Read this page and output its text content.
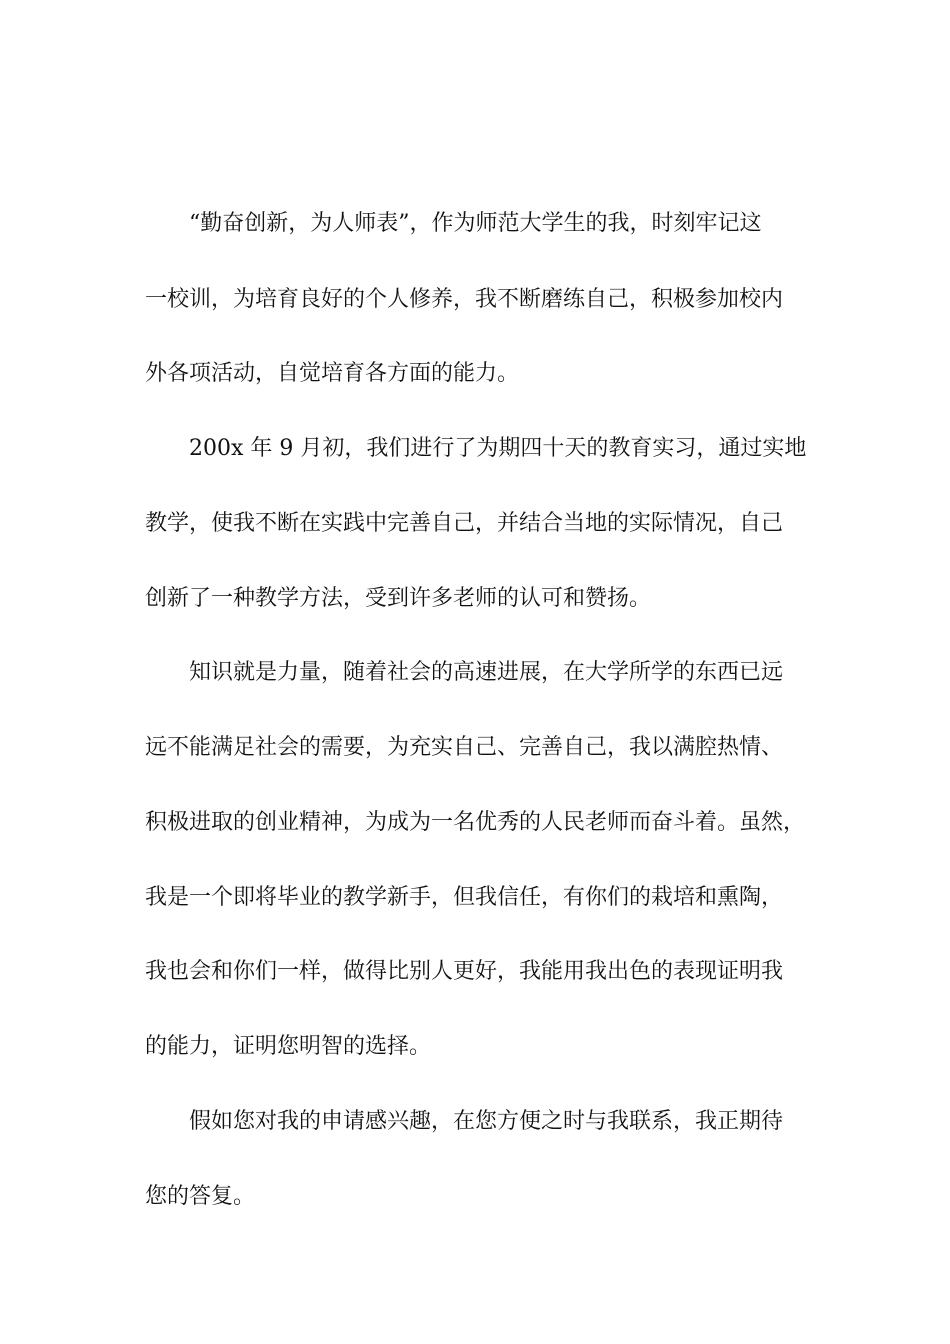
“勤奋创新，为人师表”，作为师范大学生的我，时刻牢记这
一校训，为培育良好的个人修养，我不断磨练自己，积极参加校内
外各项活动，自觉培育各方面的能力。
200x 年 9 月初，我们进行了为期四十天的教育实习，通过实地
教学，使我不断在实践中完善自己，并结合当地的实际情况，自己
创新了一种教学方法，受到许多老师的认可和赞扬。
知识就是力量，随着社会的高速进展，在大学所学的东西已远
远不能满足社会的需要，为充实自己、完善自己，我以满腔热情、
积极进取的创业精神，为成为一名优秀的人民老师而奋斗着。虽然，
我是一个即将毕业的教学新手，但我信任，有你们的栽培和熏陶，
我也会和你们一样，做得比别人更好，我能用我出色的表现证明我
的能力，证明您明智的选择。
假如您对我的申请感兴趣，在您方便之时与我联系，我正期待
您的答复。
